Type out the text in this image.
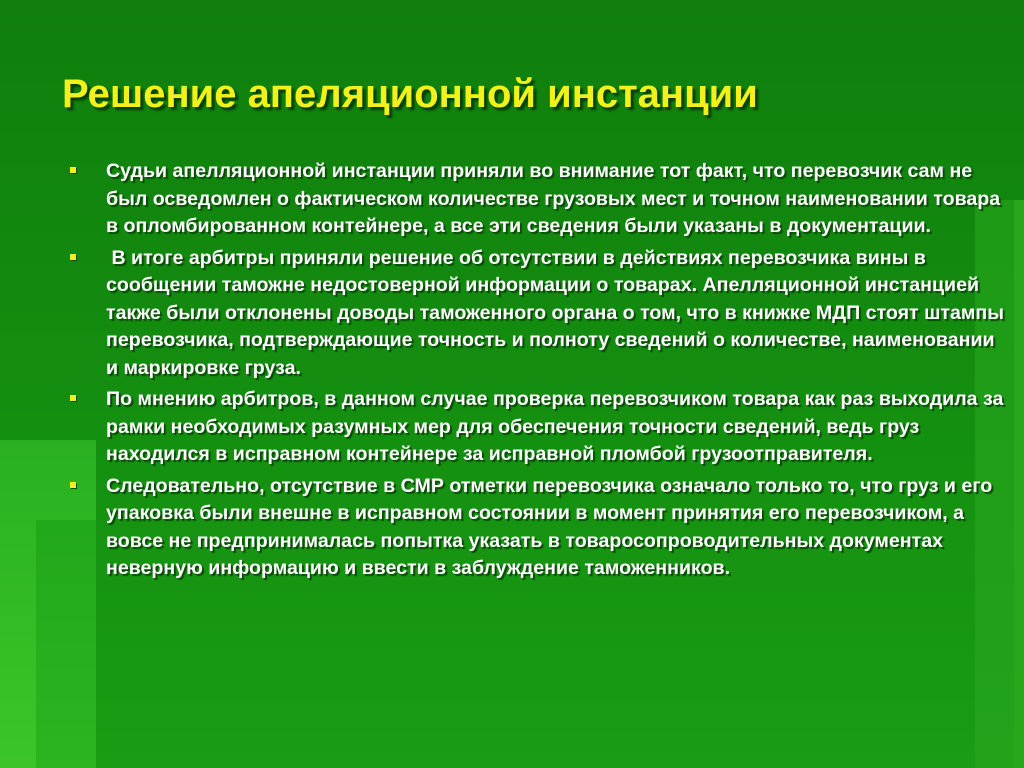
Решение апеляционной инстанции
Судьи апелляционной инстанции приняли во внимание тот факт, что перевозчик сам не был осведомлен о фактическом количестве грузовых мест и точном наименовании товара в опломбированном контейнере, а все эти сведения были указаны в документации.
В итоге арбитры приняли решение об отсутствии в действиях перевозчика вины в сообщении таможне недостоверной информации о товарах. Апелляционной инстанцией также были отклонены доводы таможенного органа о том, что в книжке МДП стоят штампы перевозчика, подтверждающие точность и полноту сведений о количестве, наименовании и маркировке груза.
По мнению арбитров, в данном случае проверка перевозчиком товара как раз выходила за рамки необходимых разумных мер для обеспечения точности сведений, ведь груз находился в исправном контейнере за исправной пломбой грузоотправителя.
Следовательно, отсутствие в СМР отметки перевозчика означало только то, что груз и его упаковка были внешне в исправном состоянии в момент принятия его перевозчиком, а вовсе не предпринималась попытка указать в товаросопроводительных документах неверную информацию и ввести в заблуждение таможенников.
